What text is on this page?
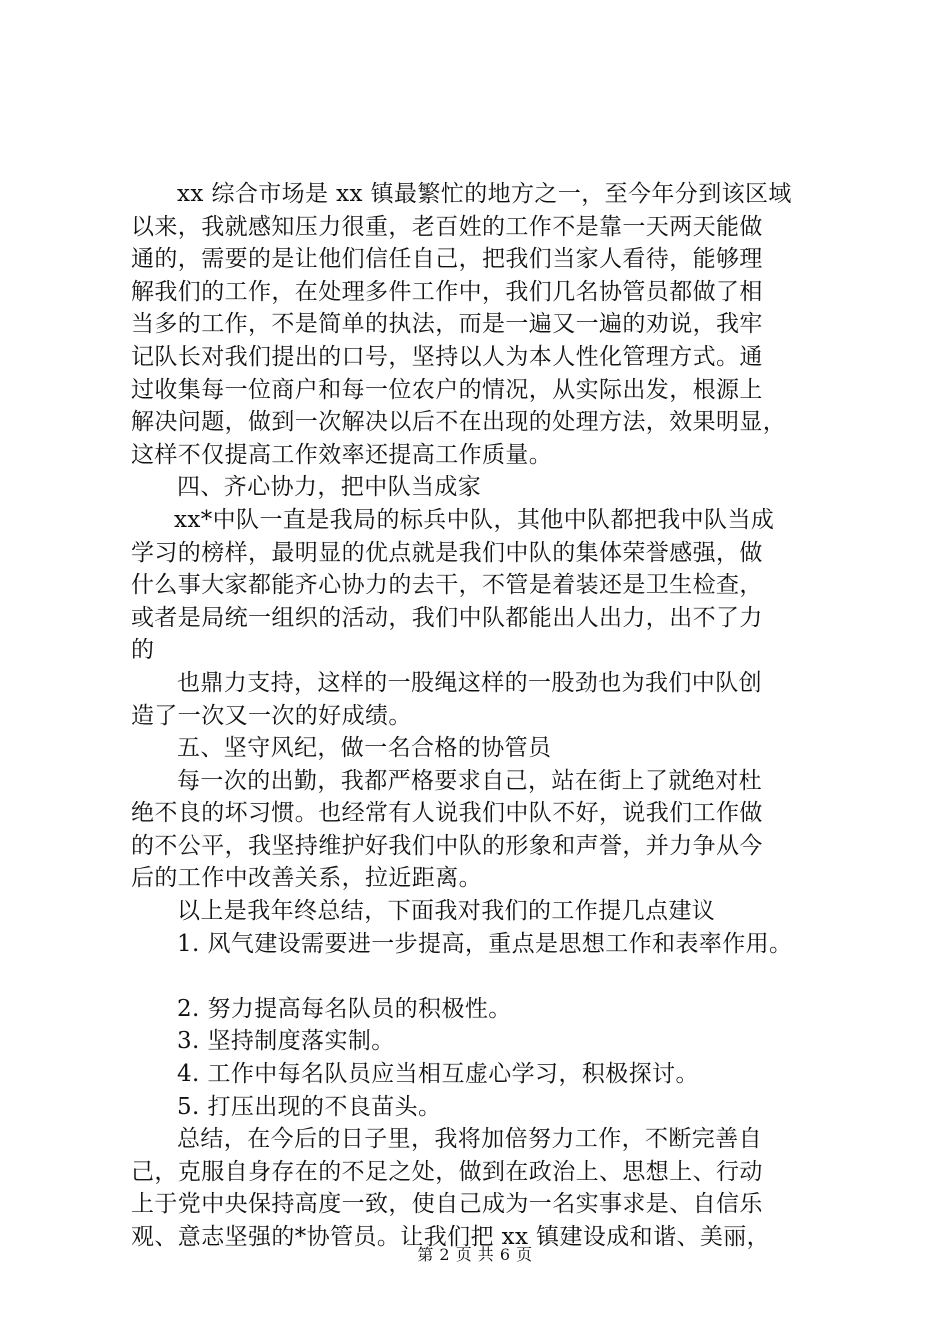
xx 综合市场是 xx 镇最繁忙的地方之一，至今年分到该区域
以来，我就感知压力很重，老百姓的工作不是靠一天两天能做
通的，需要的是让他们信任自己，把我们当家人看待，能够理
解我们的工作，在处理多件工作中，我们几名协管员都做了相
当多的工作，不是简单的执法，而是一遍又一遍的劝说，我牢
记队长对我们提出的口号，坚持以人为本人性化管理方式。通
过收集每一位商户和每一位农户的情况，从实际出发，根源上
解决问题，做到一次解决以后不在出现的处理方法，效果明显，
这样不仅提高工作效率还提高工作质量。
四、齐心协力，把中队当成家
xx*中队一直是我局的标兵中队，其他中队都把我中队当成
学习的榜样，最明显的优点就是我们中队的集体荣誉感强，做
什么事大家都能齐心协力的去干，不管是着装还是卫生检查，
或者是局统一组织的活动，我们中队都能出人出力，出不了力
的
也鼎力支持，这样的一股绳这样的一股劲也为我们中队创
造了一次又一次的好成绩。
五、坚守风纪，做一名合格的协管员
每一次的出勤，我都严格要求自己，站在街上了就绝对杜
绝不良的坏习惯。也经常有人说我们中队不好，说我们工作做
的不公平，我坚持维护好我们中队的形象和声誉，并力争从今
后的工作中改善关系，拉近距离。
以上是我年终总结，下面我对我们的工作提几点建议
1. 风气建设需要进一步提高，重点是思想工作和表率作用。
2. 努力提高每名队员的积极性。
3. 坚持制度落实制。
4. 工作中每名队员应当相互虚心学习，积极探讨。
5. 打压出现的不良苗头。
总结，在今后的日子里，我将加倍努力工作，不断完善自
己，克服自身存在的不足之处，做到在政治上、思想上、行动
上于党中央保持高度一致，使自己成为一名实事求是、自信乐
观、意志坚强的*协管员。让我们把 xx 镇建设成和谐、美丽，
第 2 页 共 6 页
